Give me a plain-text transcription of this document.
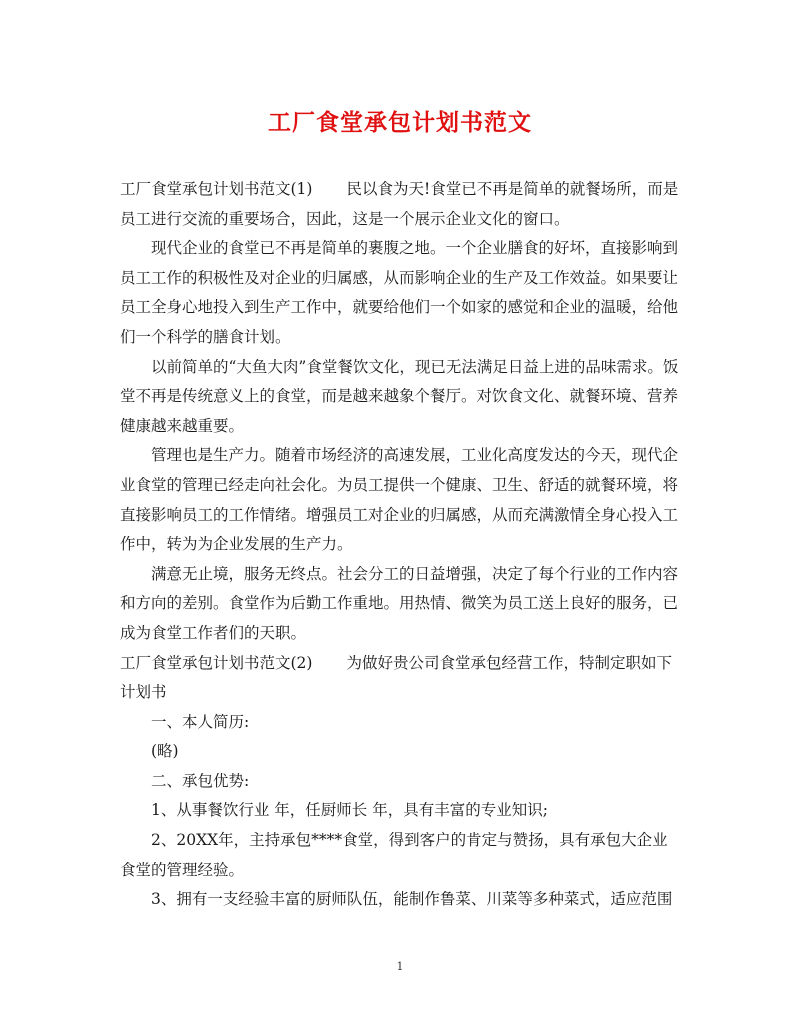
工厂食堂承包计划书范文

工厂食堂承包计划书范文(1) 民以食为天!食堂已不再是简单的就餐场所，而是员工进行交流的重要场合，因此，这是一个展示企业文化的窗口。

现代企业的食堂已不再是简单的裹腹之地。一个企业膳食的好坏，直接影响到员工工作的积极性及对企业的归属感，从而影响企业的生产及工作效益。如果要让员工全身心地投入到生产工作中，就要给他们一个如家的感觉和企业的温暖，给他们一个科学的膳食计划。

以前简单的“大鱼大肉”食堂餐饮文化，现已无法满足日益上进的品味需求。饭堂不再是传统意义上的食堂，而是越来越象个餐厅。对饮食文化、就餐环境、营养健康越来越重要。

管理也是生产力。随着市场经济的高速发展，工业化高度发达的今天，现代企业食堂的管理已经走向社会化。为员工提供一个健康、卫生、舒适的就餐环境，将直接影响员工的工作情绪。增强员工对企业的归属感，从而充满激情全身心投入工作中，转为为企业发展的生产力。

满意无止境，服务无终点。社会分工的日益增强，决定了每个行业的工作内容和方向的差别。食堂作为后勤工作重地。用热情、微笑为员工送上良好的服务，已成为食堂工作者们的天职。

工厂食堂承包计划书范文(2) 为做好贵公司食堂承包经营工作，特制定职如下计划书

一、本人简历:

(略)

二、承包优势:

1、从事餐饮行业 年，任厨师长 年，具有丰富的专业知识;

2、20XX年，主持承包****食堂，得到客户的肯定与赞扬，具有承包大企业食堂的管理经验。

3、拥有一支经验丰富的厨师队伍，能制作鲁菜、川菜等多种菜式，适应范围

1
